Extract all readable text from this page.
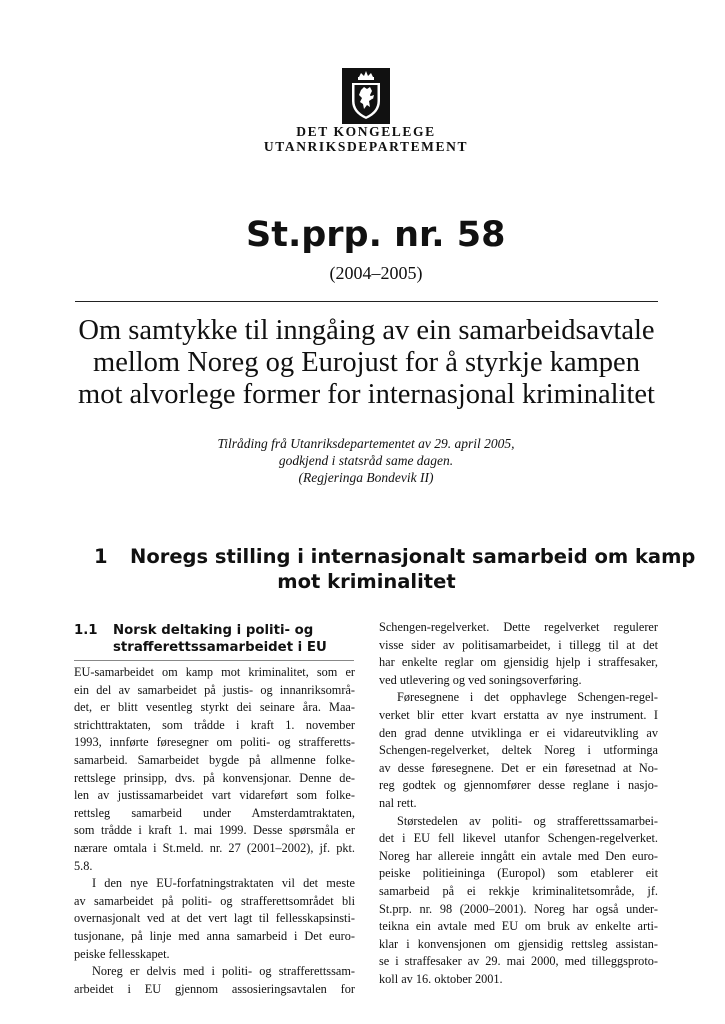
DET KONGELEGE
UTANRIKSDEPARTEMENT
St.prp. nr. 58
(2004–2005)
Om samtykke til inngåing av ein samarbeidsavtale
mellom Noreg og Eurojust for å styrkje kampen
mot alvorlege former for internasjonal kriminalitet
Tilråding frå Utanriksdepartementet av 29. april 2005,
godkjend i statsråd same dagen.
(Regjeringa Bondevik II)
1 Noregs stilling i internasjonalt samarbeid om kamp
mot kriminalitet
1.1 Norsk deltaking i politi- og
strafferettssamarbeidet i EU
EU-samarbeidet om kamp mot kriminalitet, som er
ein del av samarbeidet på justis- og innanriksområ-
det, er blitt vesentleg styrkt dei seinare åra. Maa-
strichttraktaten, som trådde i kraft 1. november
1993, innførte føresegner om politi- og strafferetts-
samarbeid. Samarbeidet bygde på allmenne folke-
rettslege prinsipp, dvs. på konvensjonar. Denne de-
len av justissamarbeidet vart vidareført som folke-
rettsleg samarbeid under Amsterdamtraktaten,
som trådde i kraft 1. mai 1999. Desse spørsmåla er
nærare omtala i St.meld. nr. 27 (2001–2002), jf. pkt.
5.8.
I den nye EU-forfatningstraktaten vil det meste
av samarbeidet på politi- og strafferettsområdet bli
overnasjonalt ved at det vert lagt til fellesskapsinsti-
tusjonane, på linje med anna samarbeid i Det euro-
peiske fellesskapet.
Noreg er delvis med i politi- og strafferettssam-
arbeidet i EU gjennom assosieringsavtalen for
Schengen-regelverket. Dette regelverket regulerer
visse sider av politisamarbeidet, i tillegg til at det
har enkelte reglar om gjensidig hjelp i straffesaker,
ved utlevering og ved soningsoverføring.
Føresegnene i det opphavlege Schengen-regel-
verket blir etter kvart erstatta av nye instrument. I
den grad denne utviklinga er ei vidareutvikling av
Schengen-regelverket, deltek Noreg i utforminga
av desse føresegnene. Det er ein føresetnad at No-
reg godtek og gjennomfører desse reglane i nasjo-
nal rett.
Størstedelen av politi- og strafferettssamarbei-
det i EU fell likevel utanfor Schengen-regelverket.
Noreg har allereie inngått ein avtale med Den euro-
peiske politieininga (Europol) som etablerer eit
samarbeid på ei rekkje kriminalitetsområde, jf.
St.prp. nr. 98 (2000–2001). Noreg har også under-
teikna ein avtale med EU om bruk av enkelte arti-
klar i konvensjonen om gjensidig rettsleg assistan-
se i straffesaker av 29. mai 2000, med tilleggsproto-
koll av 16. oktober 2001.
